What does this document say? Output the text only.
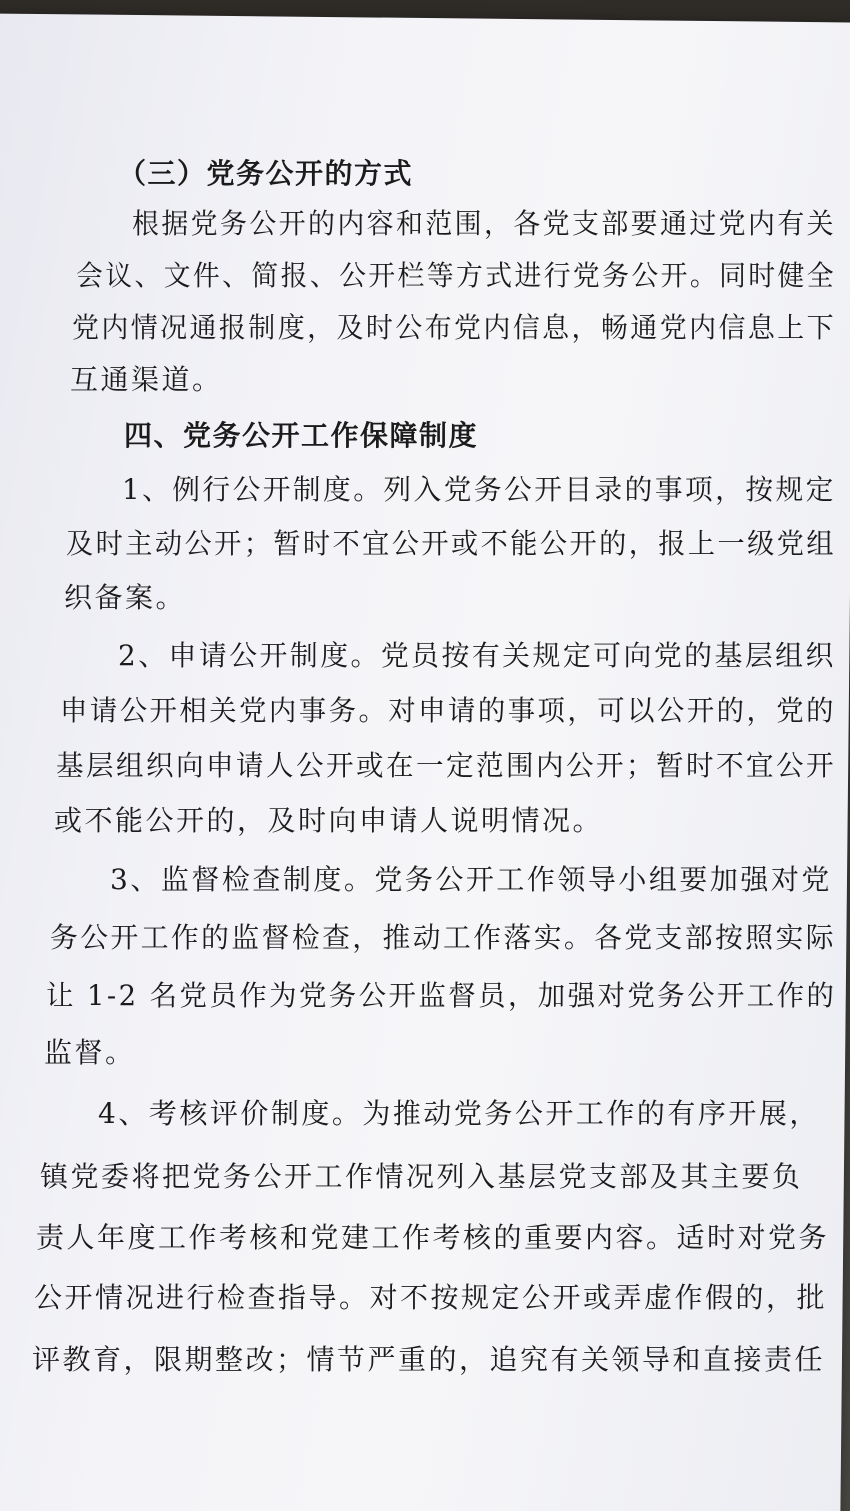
（三）党务公开的方式
根据党务公开的内容和范围，各党支部要通过党内有关
会议、文件、简报、公开栏等方式进行党务公开。同时健全
党内情况通报制度，及时公布党内信息，畅通党内信息上下
互通渠道。
四、党务公开工作保障制度
1、例行公开制度。列入党务公开目录的事项，按规定
及时主动公开；暂时不宜公开或不能公开的，报上一级党组
织备案。
2、申请公开制度。党员按有关规定可向党的基层组织
申请公开相关党内事务。对申请的事项，可以公开的，党的
基层组织向申请人公开或在一定范围内公开；暂时不宜公开
或不能公开的，及时向申请人说明情况。
3、监督检查制度。党务公开工作领导小组要加强对党
务公开工作的监督检查，推动工作落实。各党支部按照实际
让 1-2 名党员作为党务公开监督员，加强对党务公开工作的
监督。
4、考核评价制度。为推动党务公开工作的有序开展，
镇党委将把党务公开工作情况列入基层党支部及其主要负
责人年度工作考核和党建工作考核的重要内容。适时对党务
公开情况进行检查指导。对不按规定公开或弄虚作假的，批
评教育，限期整改；情节严重的，追究有关领导和直接责任
